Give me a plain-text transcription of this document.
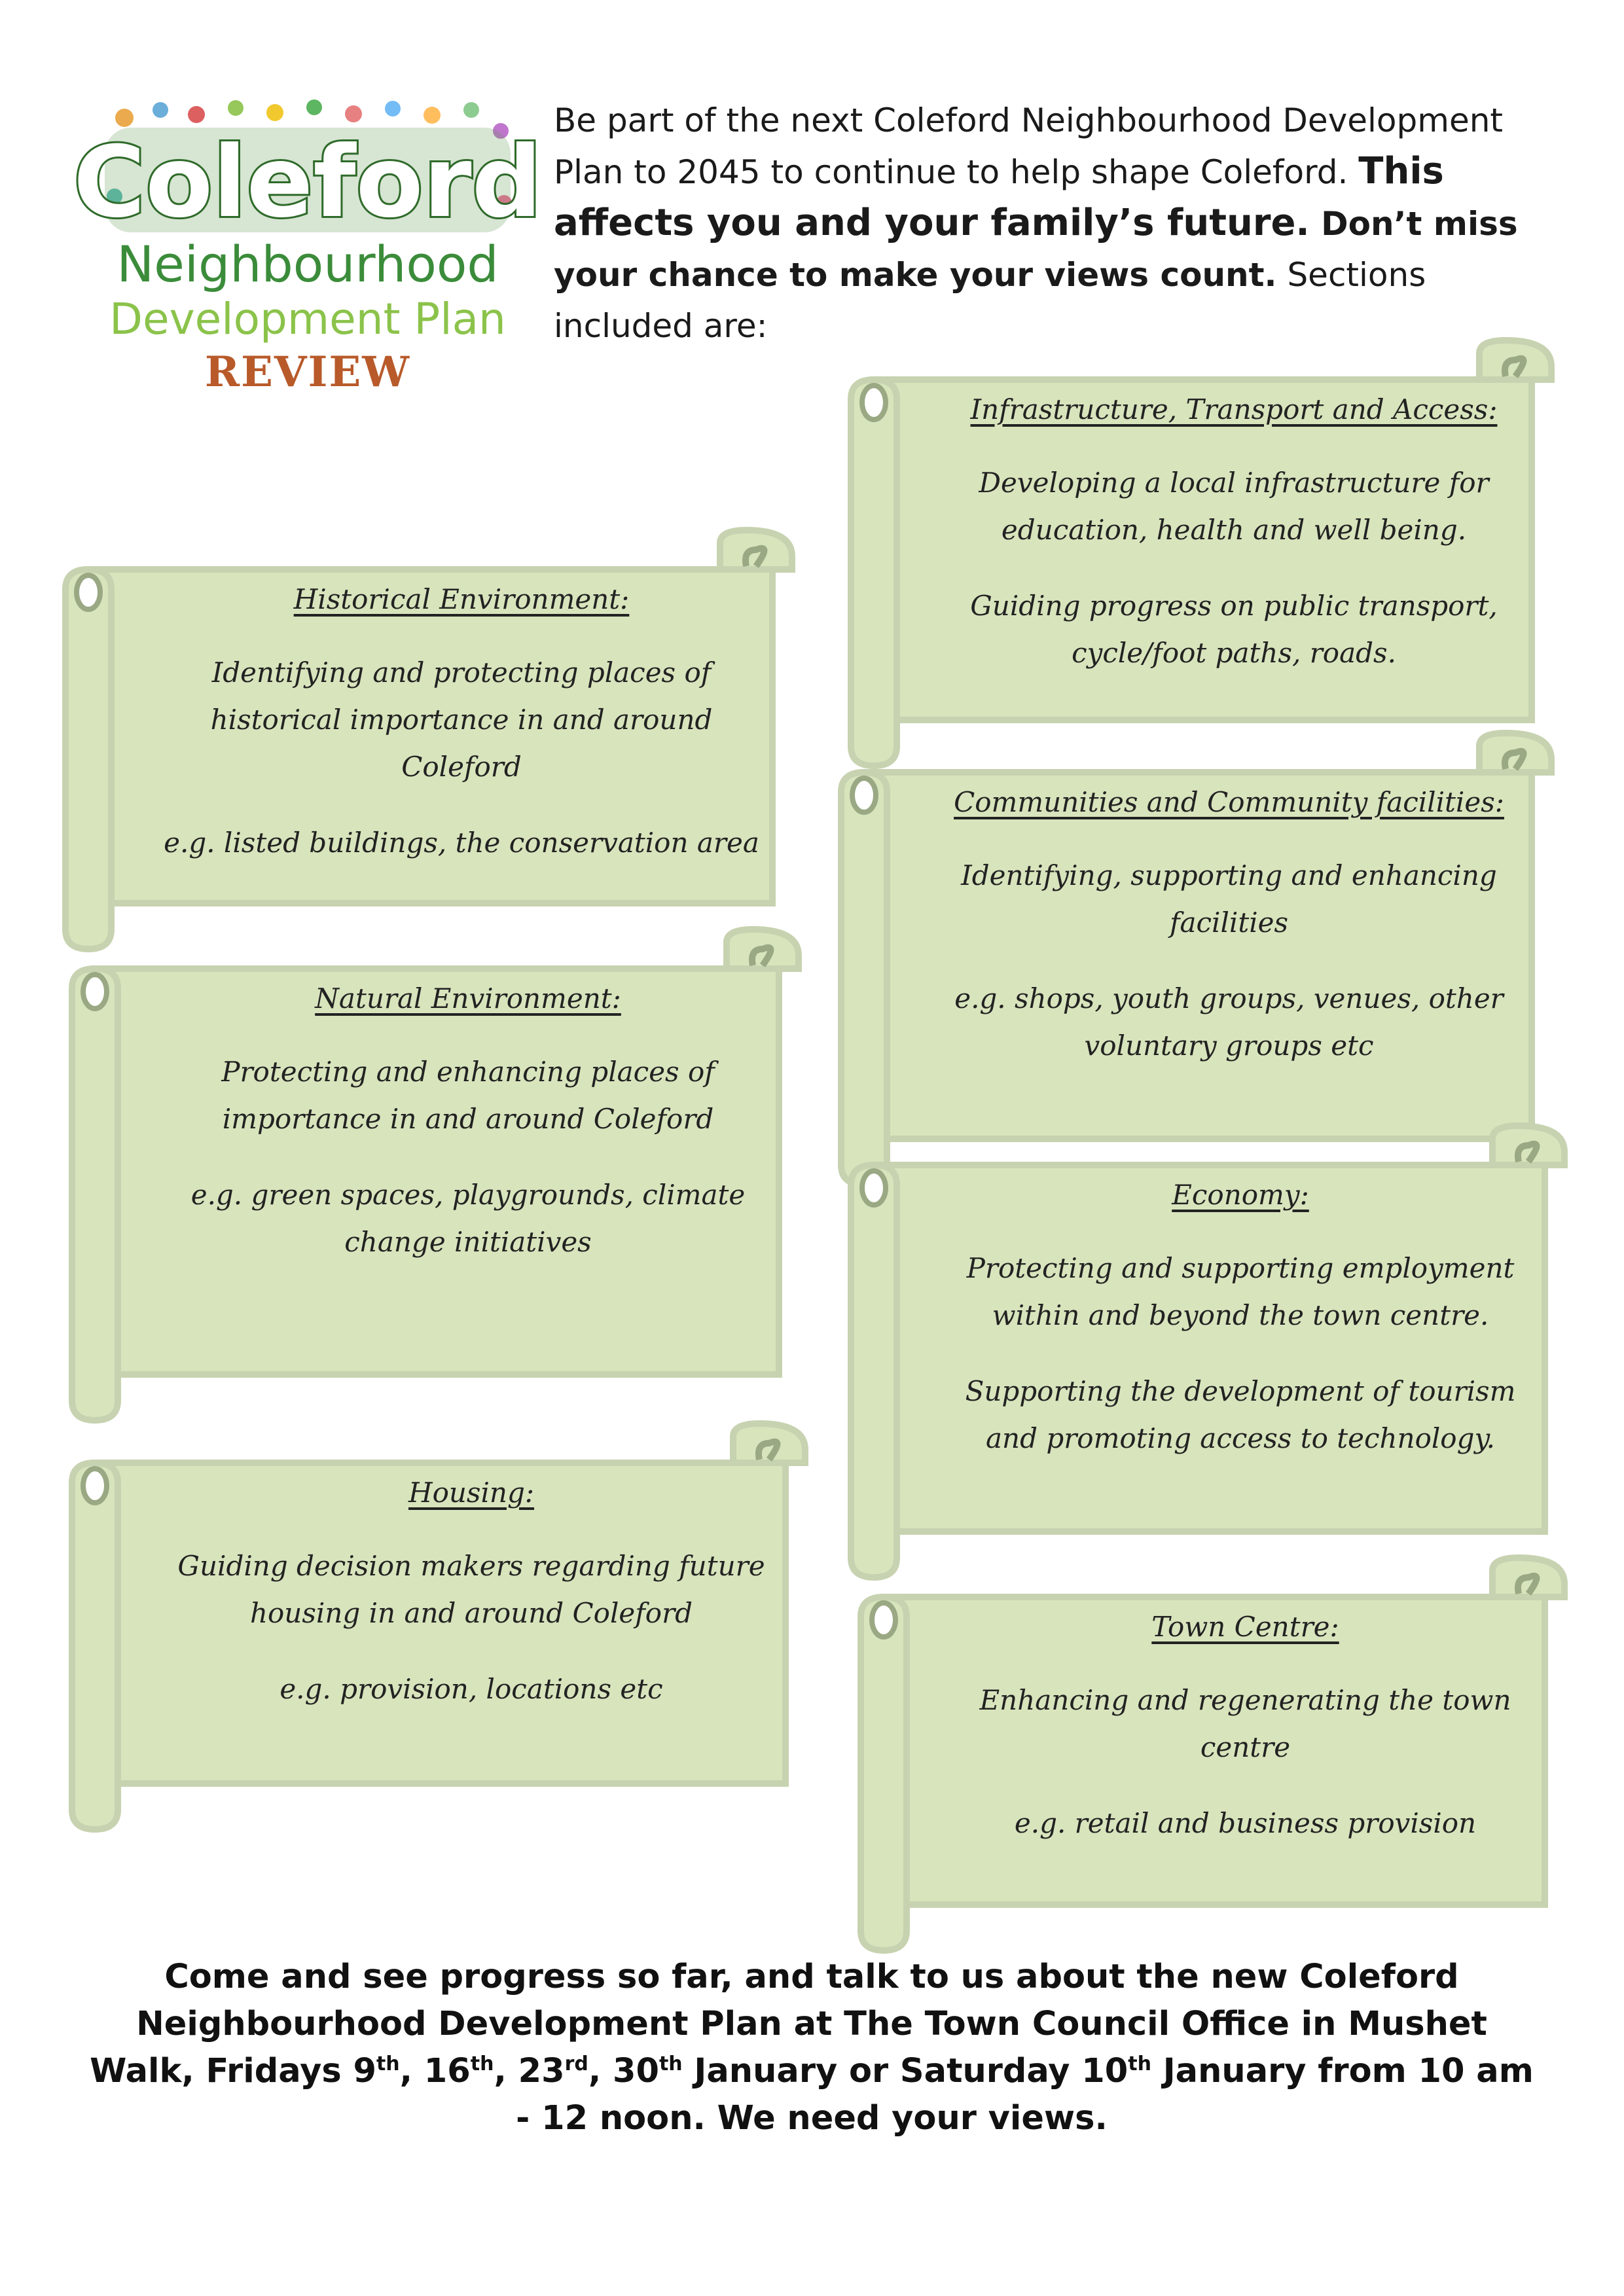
Coleford
Neighbourhood
Development Plan
REVIEW
Be part of the next Coleford Neighbourhood Development Plan to 2045 to continue to help shape Coleford. This affects you and your family’s future. Don’t miss your chance to make your views count. Sections included are:
Infrastructure, Transport and Access:
Developing a local infrastructure for education, health and well being.
Guiding progress on public transport, cycle/foot paths, roads.
Historical Environment:
Identifying and protecting places of historical importance in and around Coleford
e.g. listed buildings, the conservation area
Communities and Community facilities:
Identifying, supporting and enhancing facilities
e.g. shops, youth groups, venues, other voluntary groups etc
Natural Environment:
Protecting and enhancing places of importance in and around Coleford
e.g. green spaces, playgrounds, climate change initiatives
Economy:
Protecting and supporting employment within and beyond the town centre.
Supporting the development of tourism and promoting access to technology.
Housing:
Guiding decision makers regarding future housing in and around Coleford
e.g. provision, locations etc
Town Centre:
Enhancing and regenerating the town centre
e.g. retail and business provision
Come and see progress so far, and talk to us about the new Coleford Neighbourhood Development Plan at The Town Council Office in Mushet Walk, Fridays 9th, 16th, 23rd, 30th January or Saturday 10th January from 10 am - 12 noon. We need your views.
